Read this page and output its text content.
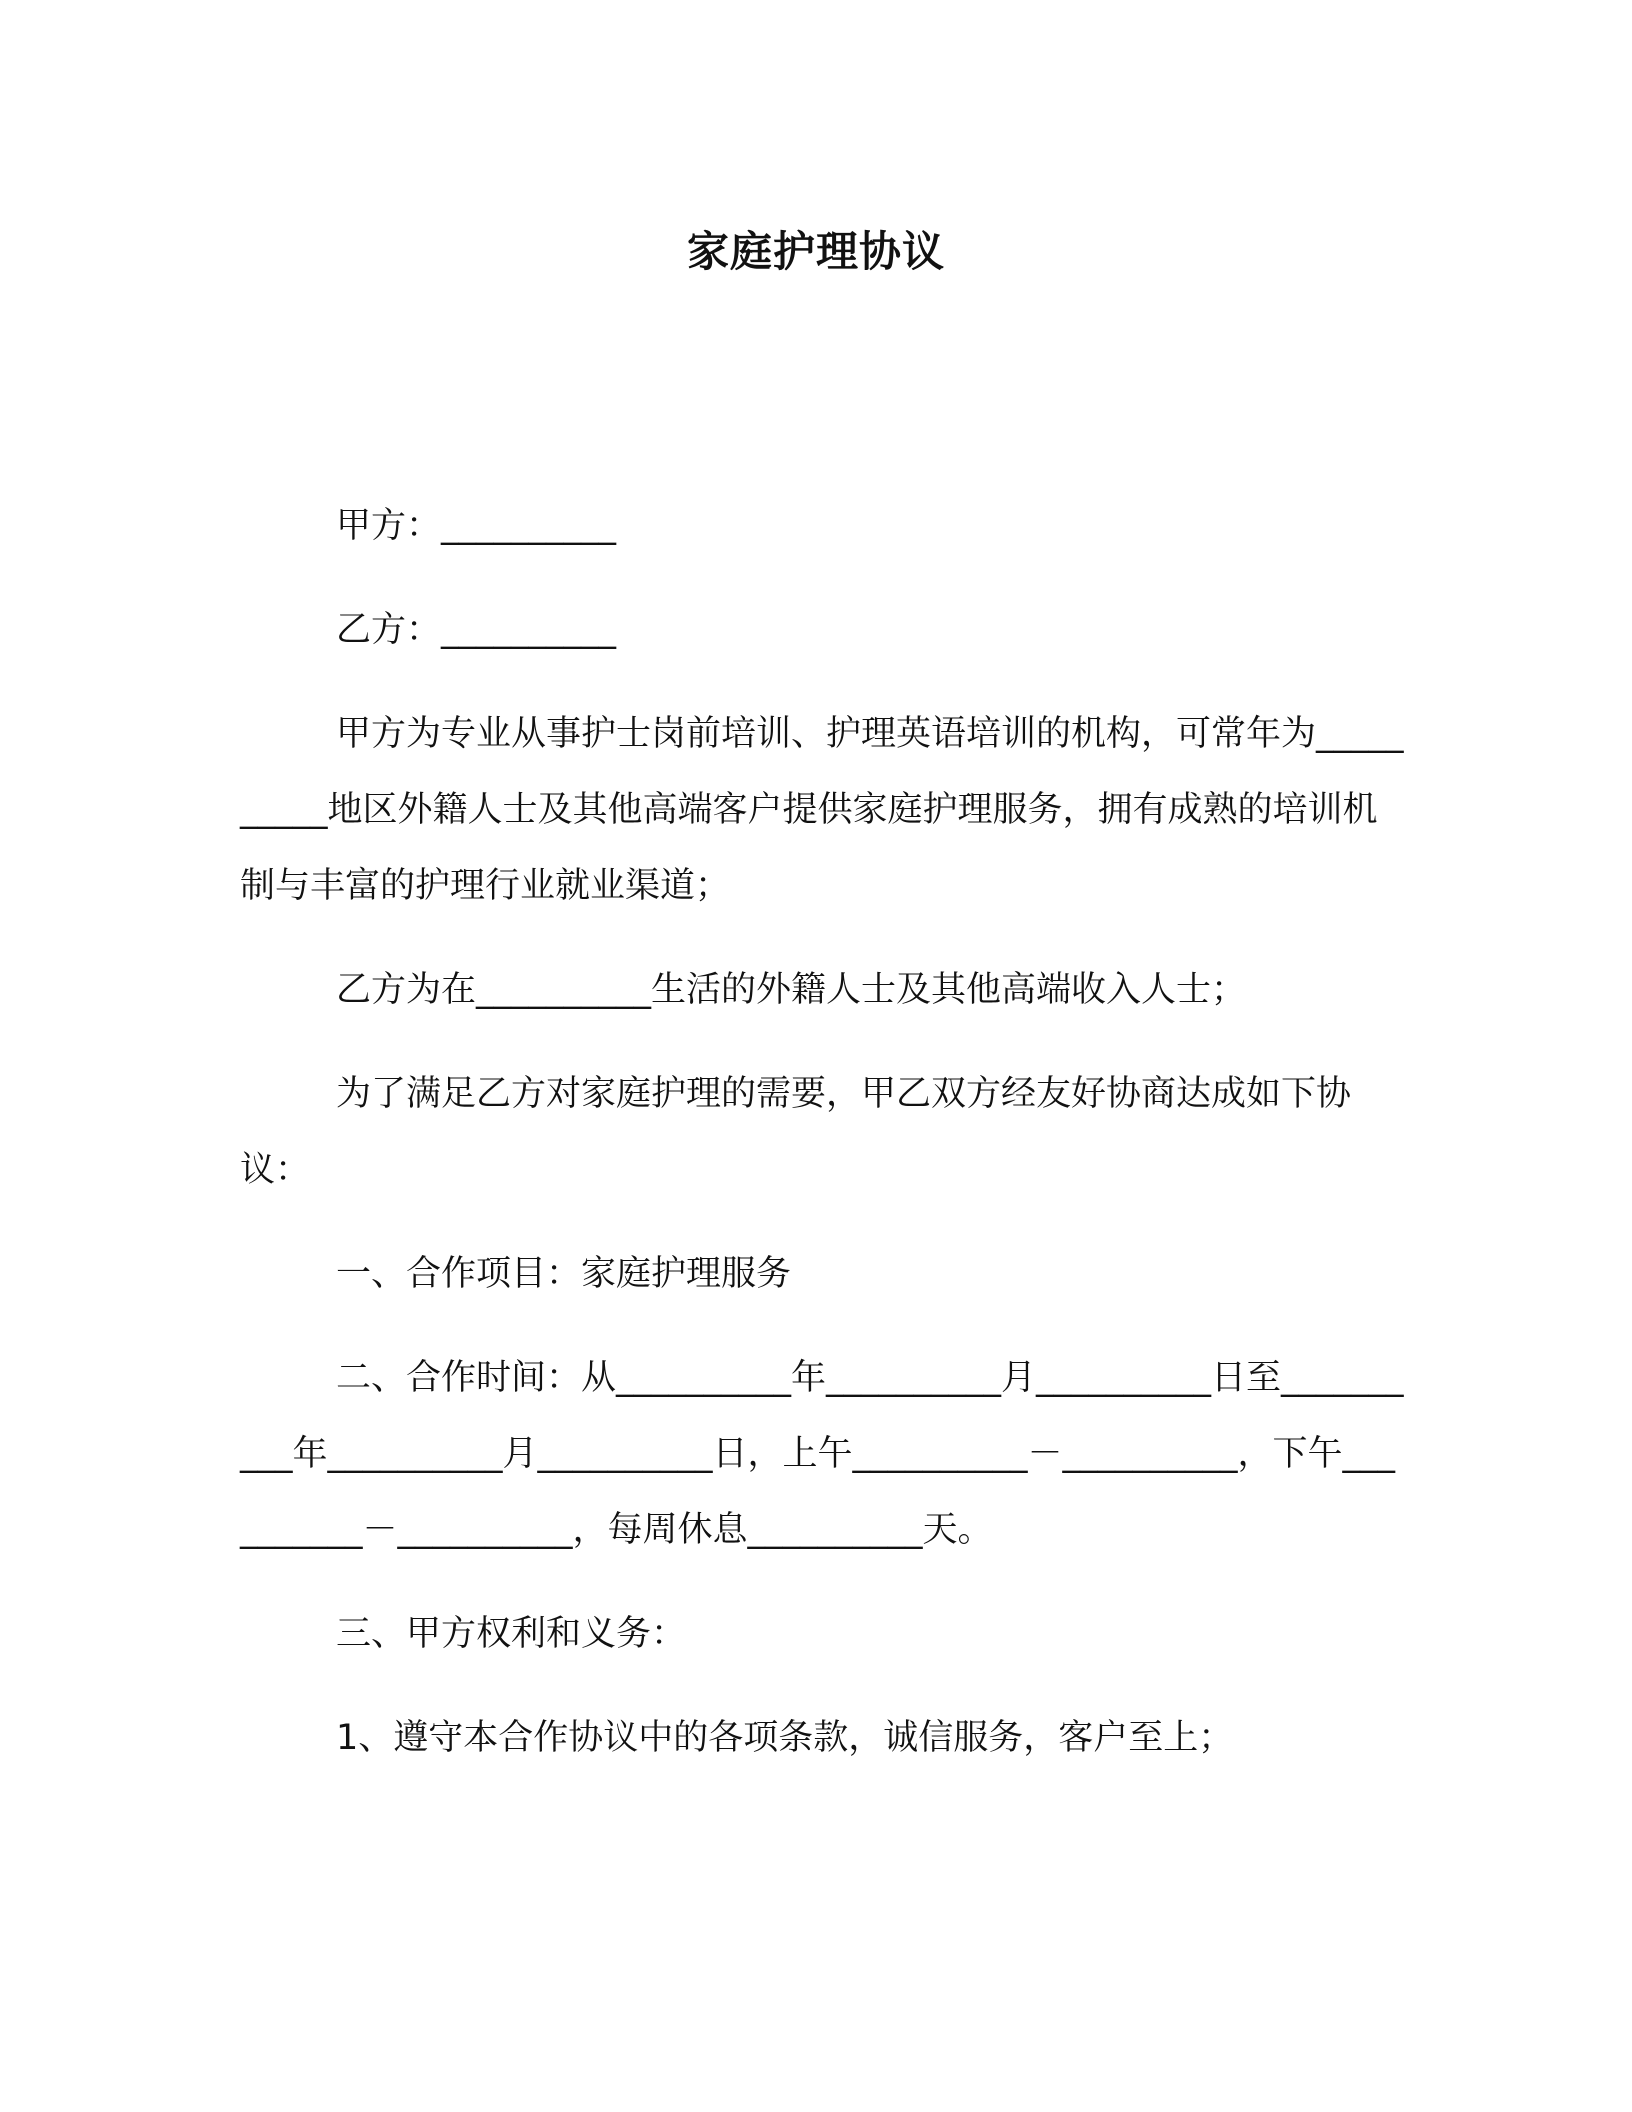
家庭护理协议

甲方：__________

乙方：__________

甲方为专业从事护士岗前培训、护理英语培训的机构，可常年为__________地区外籍人士及其他高端客户提供家庭护理服务，拥有成熟的培训机制与丰富的护理行业就业渠道；

乙方为在__________生活的外籍人士及其他高端收入人士；

为了满足乙方对家庭护理的需要，甲乙双方经友好协商达成如下协议：

一、合作项目：家庭护理服务

二、合作时间：从__________年__________月__________日至__________年__________月__________日，上午__________－__________，下午__________－__________，每周休息__________天。

三、甲方权利和义务：

1、遵守本合作协议中的各项条款，诚信服务，客户至上；
